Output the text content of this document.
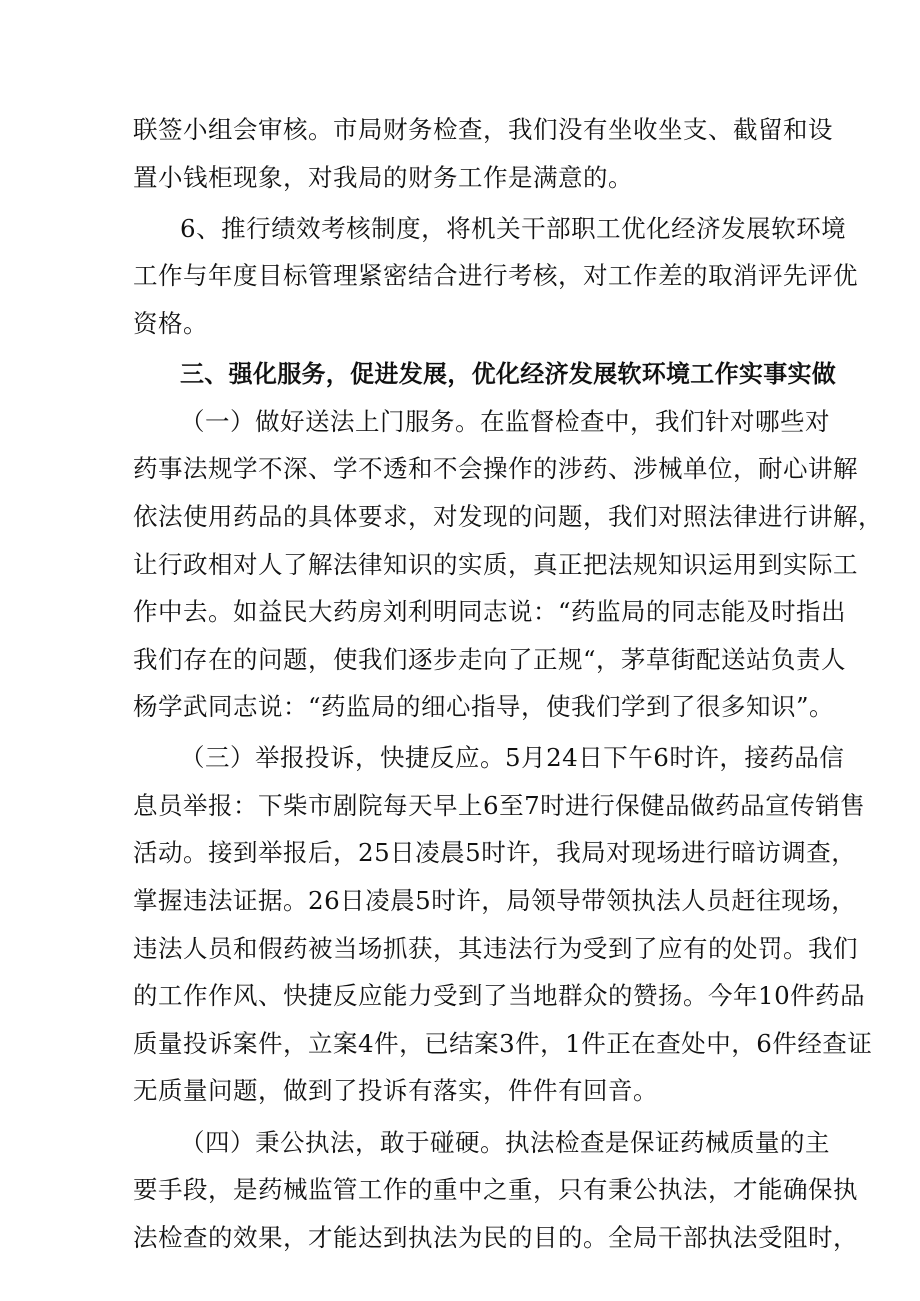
联签小组会审核。市局财务检查，我们没有坐收坐支、截留和设
置小钱柜现象，对我局的财务工作是满意的。
6、推行绩效考核制度，将机关干部职工优化经济发展软环境
工作与年度目标管理紧密结合进行考核，对工作差的取消评先评优
资格。
三、强化服务，促进发展，优化经济发展软环境工作实事实做
（一）做好送法上门服务。在监督检查中，我们针对哪些对
药事法规学不深、学不透和不会操作的涉药、涉械单位，耐心讲解
依法使用药品的具体要求，对发现的问题，我们对照法律进行讲解，
让行政相对人了解法律知识的实质，真正把法规知识运用到实际工
作中去。如益民大药房刘利明同志说：“药监局的同志能及时指出
我们存在的问题，使我们逐步走向了正规“，茅草街配送站负责人
杨学武同志说：“药监局的细心指导，使我们学到了很多知识”。
（三）举报投诉，快捷反应。5月24日下午6时许，接药品信
息员举报：下柴市剧院每天早上6至7时进行保健品做药品宣传销售
活动。接到举报后，25日凌晨5时许，我局对现场进行暗访调查，
掌握违法证据。26日凌晨5时许，局领导带领执法人员赶往现场，
违法人员和假药被当场抓获，其违法行为受到了应有的处罚。我们
的工作作风、快捷反应能力受到了当地群众的赞扬。今年10件药品
质量投诉案件，立案4件，已结案3件，1件正在查处中，6件经查证
无质量问题，做到了投诉有落实，件件有回音。
（四）秉公执法，敢于碰硬。执法检查是保证药械质量的主
要手段，是药械监管工作的重中之重，只有秉公执法，才能确保执
法检查的效果，才能达到执法为民的目的。全局干部执法受阻时，
